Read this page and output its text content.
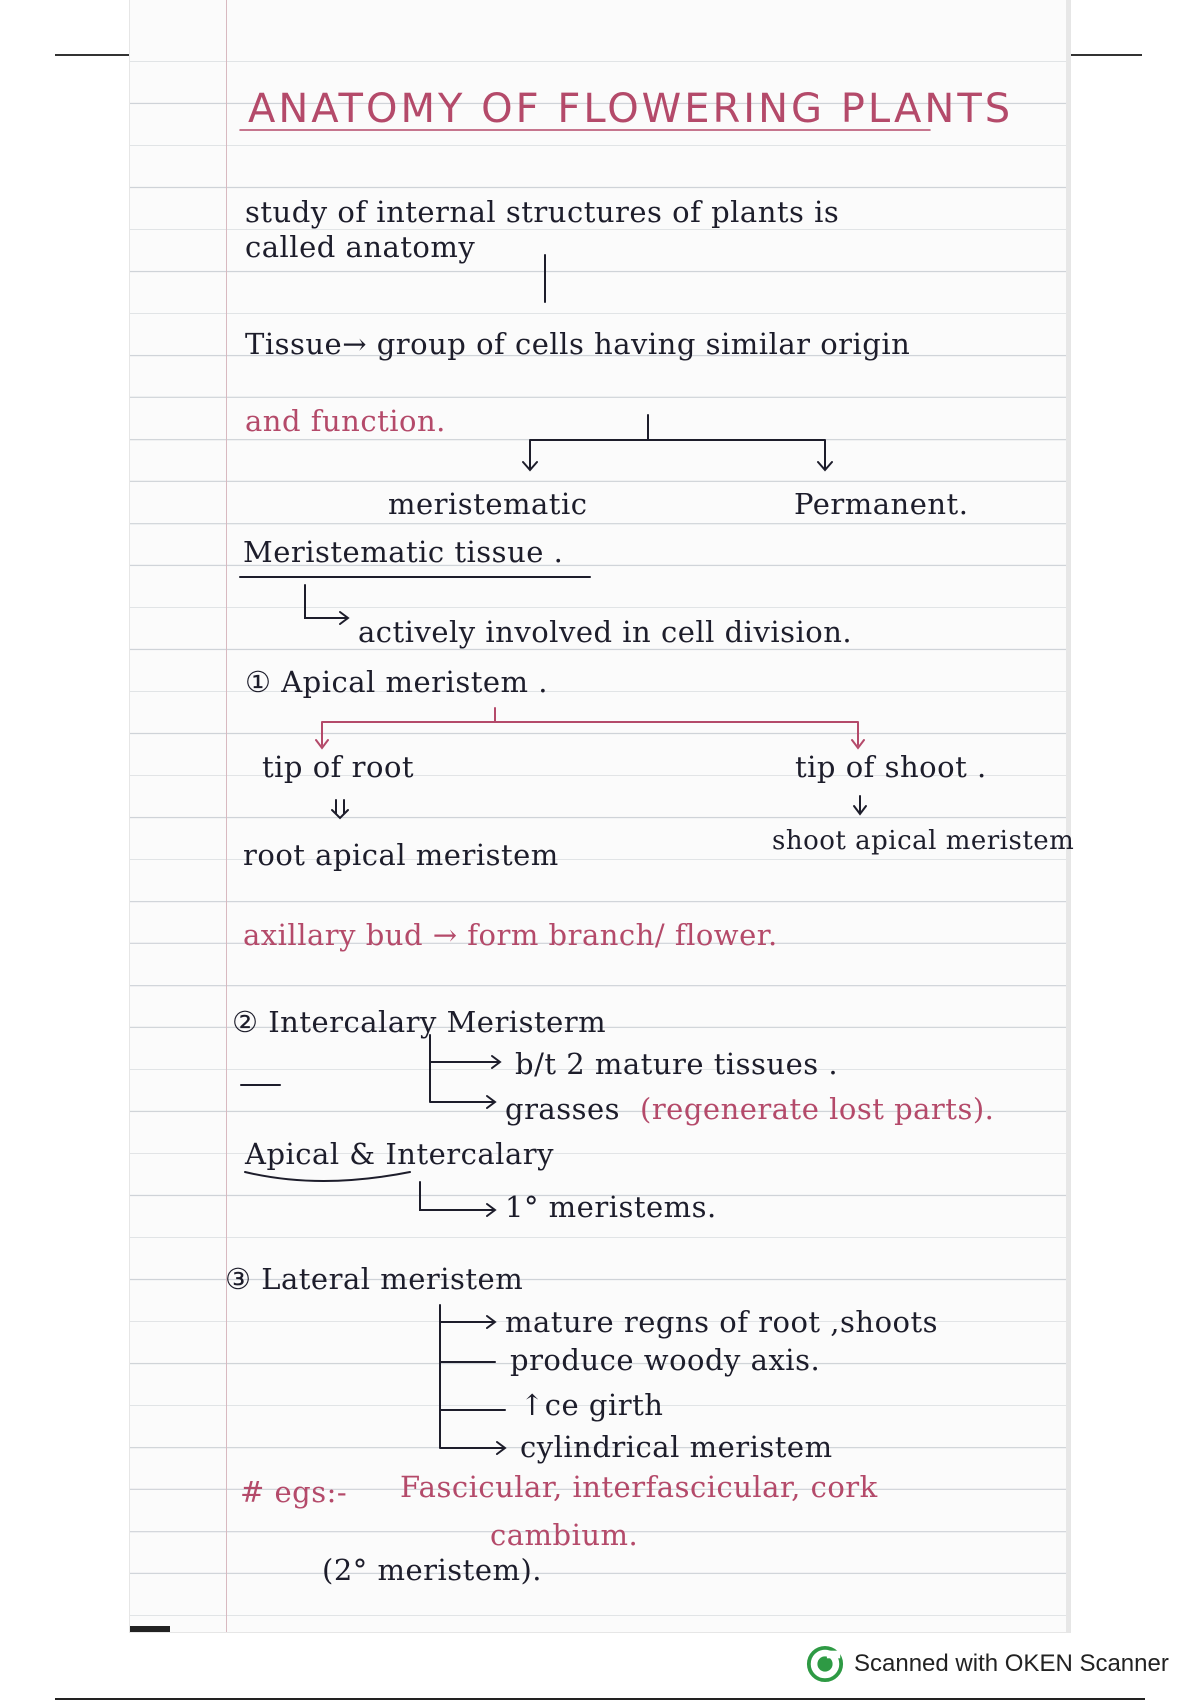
ANATOMY OF FLOWERING PLANTS
study of internal structures of plants is
called anatomy
Tissue→ group of cells having similar origin
and function.
meristematic	Permanent.
Meristematic tissue .
actively involved in cell division.
① Apical meristem .
tip of root	tip of shoot .
root apical meristem	shoot apical meristem
axillary bud → form branch/ flower.
② Intercalary Meristerm
b/t 2 mature tissues .
grasses (regenerate lost parts).
Apical & Intercalary
1° meristems.
③ Lateral meristem
mature regns of root ,shoots
produce woody axis.
↑ce girth
cylindrical meristem
# egs:- Fascicular, interfascicular, cork
cambium.
(2° meristem).
Scanned with OKEN Scanner
